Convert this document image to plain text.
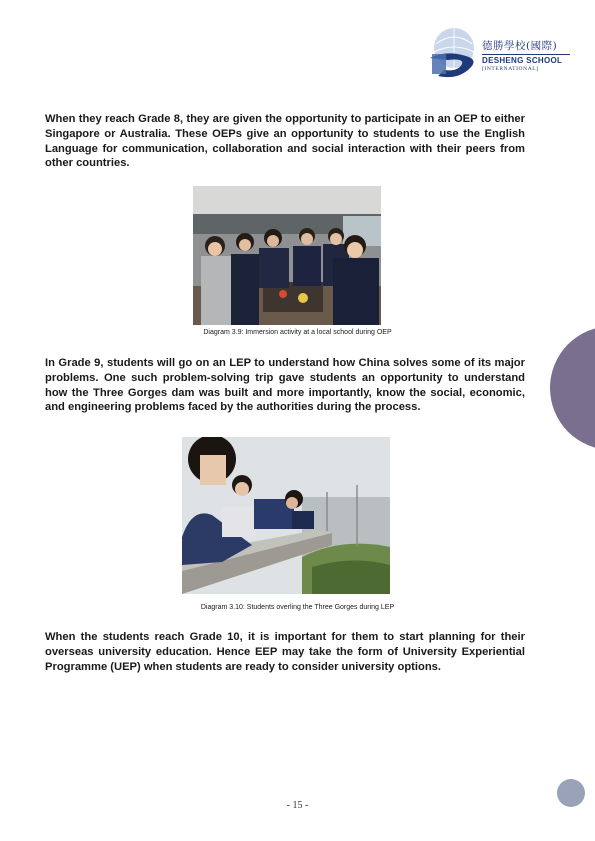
德勝學校(國際)
DESHENG SCHOOL
[INTERNATIONAL]

When they reach Grade 8, they are given the opportunity to participate in an OEP to either Singapore or Australia. These OEPs give an opportunity to students to use the English Language for communication, collaboration and social interaction with their peers from other countries.

Diagram 3.9: Immersion activity at a local school during OEP

In Grade 9, students will go on an LEP to understand how China solves some of its major problems. One such problem-solving trip gave students an opportunity to understand how the Three Gorges dam was built and more importantly, know the social, economic, and engineering problems faced by the authorities during the process.

Diagram 3.10: Students overling the Three Gorges during LEP

When the students reach Grade 10, it is important for them to start planning for their overseas university education. Hence EEP may take the form of University Experiential Programme (UEP) when students are ready to consider university options.

- 15 -
